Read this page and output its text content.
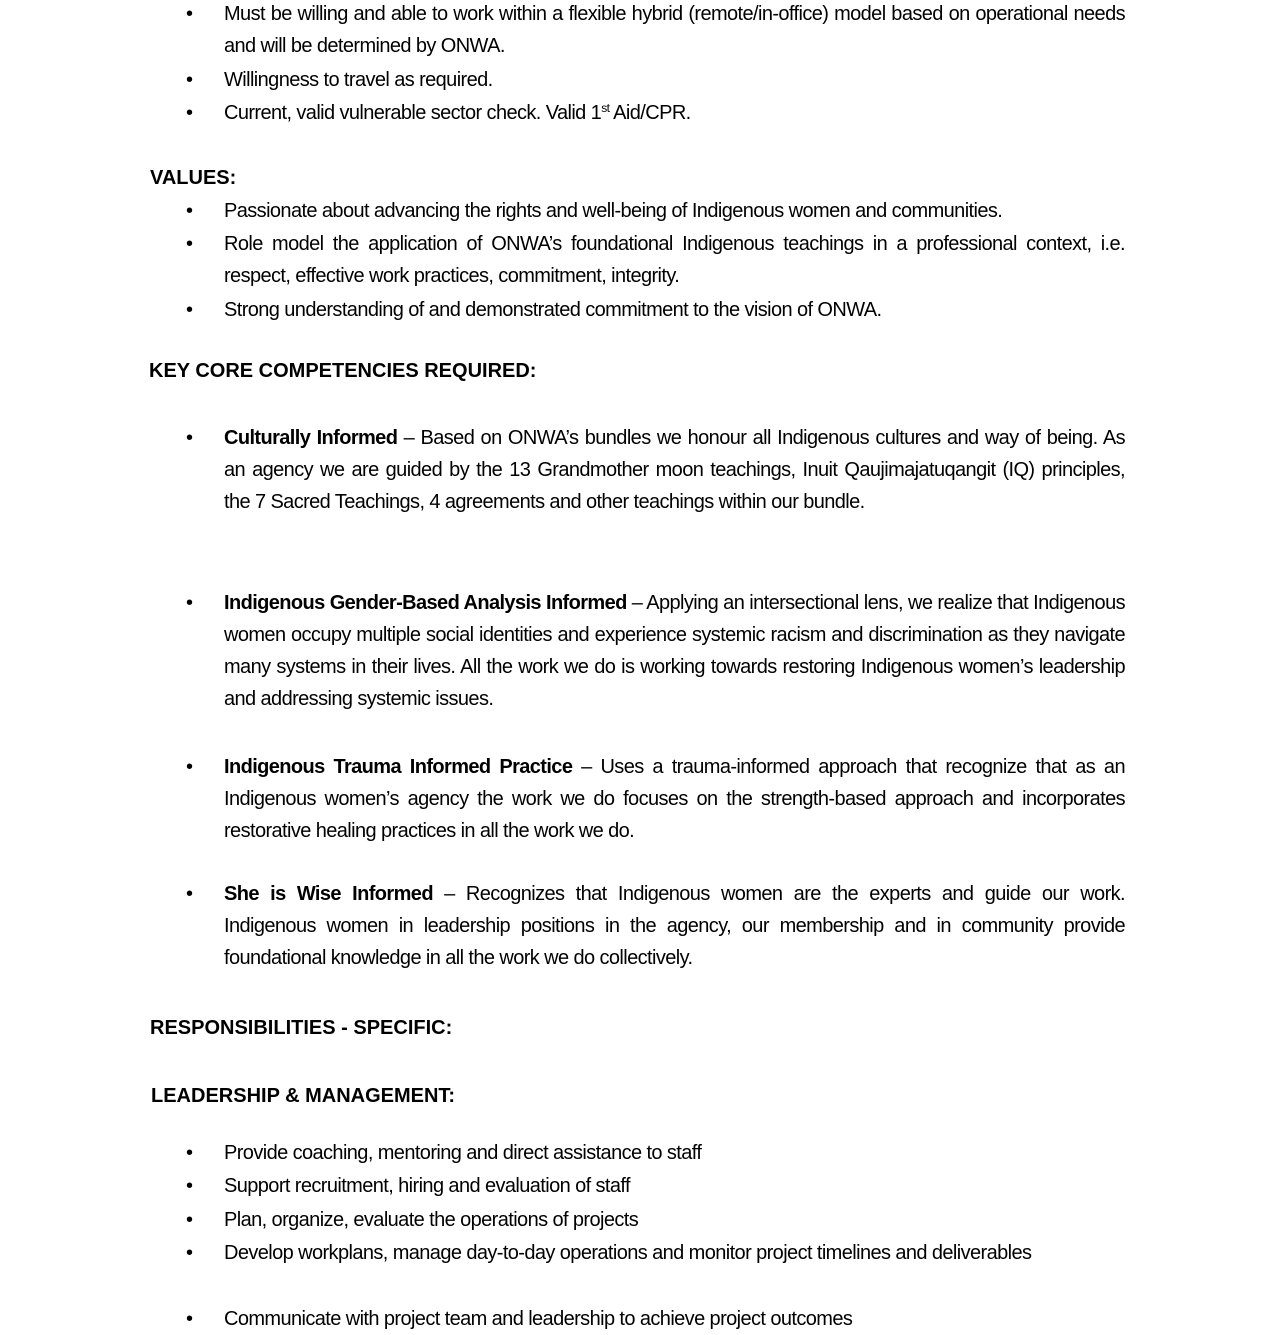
•	Must be willing and able to work within a flexible hybrid (remote/in-office) model based on operational needs and will be determined by ONWA.
•	Willingness to travel as required.
•	Current, valid vulnerable sector check. Valid 1st Aid/CPR.
VALUES:
•	Passionate about advancing the rights and well-being of Indigenous women and communities.
•	Role model the application of ONWA’s foundational Indigenous teachings in a professional context, i.e. respect, effective work practices, commitment, integrity.
•	Strong understanding of and demonstrated commitment to the vision of ONWA.
KEY CORE COMPETENCIES REQUIRED:
•	Culturally Informed – Based on ONWA’s bundles we honour all Indigenous cultures and way of being. As an agency we are guided by the 13 Grandmother moon teachings, Inuit Qaujimajatuqangit (IQ) principles, the 7 Sacred Teachings, 4 agreements and other teachings within our bundle.
•	Indigenous Gender-Based Analysis Informed – Applying an intersectional lens, we realize that Indigenous women occupy multiple social identities and experience systemic racism and discrimination as they navigate many systems in their lives. All the work we do is working towards restoring Indigenous women’s leadership and addressing systemic issues.
•	Indigenous Trauma Informed Practice – Uses a trauma-informed approach that recognize that as an Indigenous women’s agency the work we do focuses on the strength-based approach and incorporates restorative healing practices in all the work we do.
•	She is Wise Informed – Recognizes that Indigenous women are the experts and guide our work. Indigenous women in leadership positions in the agency, our membership and in community provide foundational knowledge in all the work we do collectively.
RESPONSIBILITIES - SPECIFIC:
LEADERSHIP & MANAGEMENT:
•	Provide coaching, mentoring and direct assistance to staff
•	Support recruitment, hiring and evaluation of staff
•	Plan, organize, evaluate the operations of projects
•	Develop workplans, manage day-to-day operations and monitor project timelines and deliverables
•	Communicate with project team and leadership to achieve project outcomes
